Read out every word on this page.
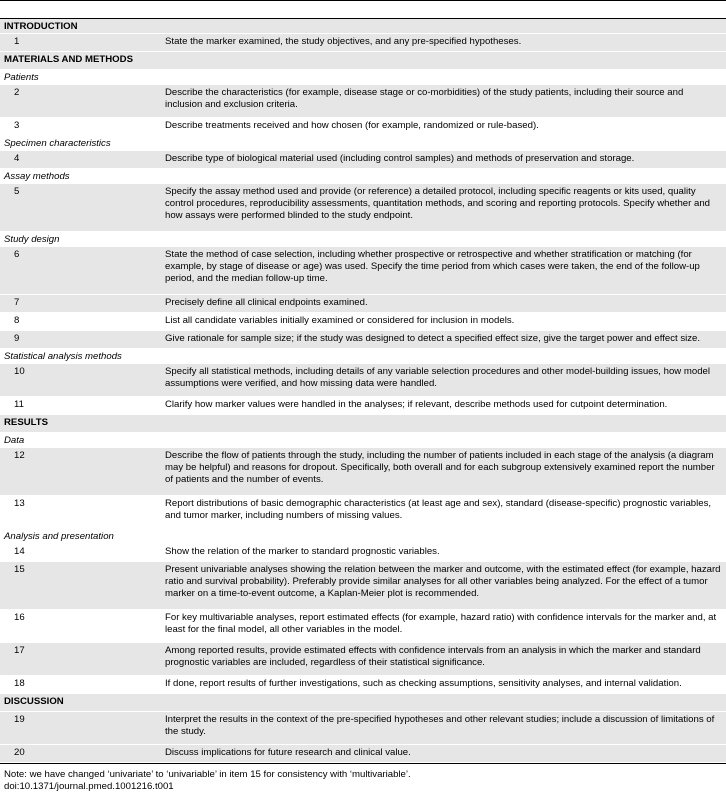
INTRODUCTION
1	State the marker examined, the study objectives, and any pre-specified hypotheses.
MATERIALS AND METHODS
Patients
2	Describe the characteristics (for example, disease stage or co-morbidities) of the study patients, including their source and inclusion and exclusion criteria.
3	Describe treatments received and how chosen (for example, randomized or rule-based).
Specimen characteristics
4	Describe type of biological material used (including control samples) and methods of preservation and storage.
Assay methods
5	Specify the assay method used and provide (or reference) a detailed protocol, including specific reagents or kits used, quality control procedures, reproducibility assessments, quantitation methods, and scoring and reporting protocols. Specify whether and how assays were performed blinded to the study endpoint.
Study design
6	State the method of case selection, including whether prospective or retrospective and whether stratification or matching (for example, by stage of disease or age) was used. Specify the time period from which cases were taken, the end of the follow-up period, and the median follow-up time.
7	Precisely define all clinical endpoints examined.
8	List all candidate variables initially examined or considered for inclusion in models.
9	Give rationale for sample size; if the study was designed to detect a specified effect size, give the target power and effect size.
Statistical analysis methods
10	Specify all statistical methods, including details of any variable selection procedures and other model-building issues, how model assumptions were verified, and how missing data were handled.
11	Clarify how marker values were handled in the analyses; if relevant, describe methods used for cutpoint determination.
RESULTS
Data
12	Describe the flow of patients through the study, including the number of patients included in each stage of the analysis (a diagram may be helpful) and reasons for dropout. Specifically, both overall and for each subgroup extensively examined report the number of patients and the number of events.
13	Report distributions of basic demographic characteristics (at least age and sex), standard (disease-specific) prognostic variables, and tumor marker, including numbers of missing values.
Analysis and presentation
14	Show the relation of the marker to standard prognostic variables.
15	Present univariable analyses showing the relation between the marker and outcome, with the estimated effect (for example, hazard ratio and survival probability). Preferably provide similar analyses for all other variables being analyzed. For the effect of a tumor marker on a time-to-event outcome, a Kaplan-Meier plot is recommended.
16	For key multivariable analyses, report estimated effects (for example, hazard ratio) with confidence intervals for the marker and, at least for the final model, all other variables in the model.
17	Among reported results, provide estimated effects with confidence intervals from an analysis in which the marker and standard prognostic variables are included, regardless of their statistical significance.
18	If done, report results of further investigations, such as checking assumptions, sensitivity analyses, and internal validation.
DISCUSSION
19	Interpret the results in the context of the pre-specified hypotheses and other relevant studies; include a discussion of limitations of the study.
20	Discuss implications for future research and clinical value.
Note: we have changed ‘univariate’ to ‘univariable’ in item 15 for consistency with ‘multivariable’.
doi:10.1371/journal.pmed.1001216.t001
